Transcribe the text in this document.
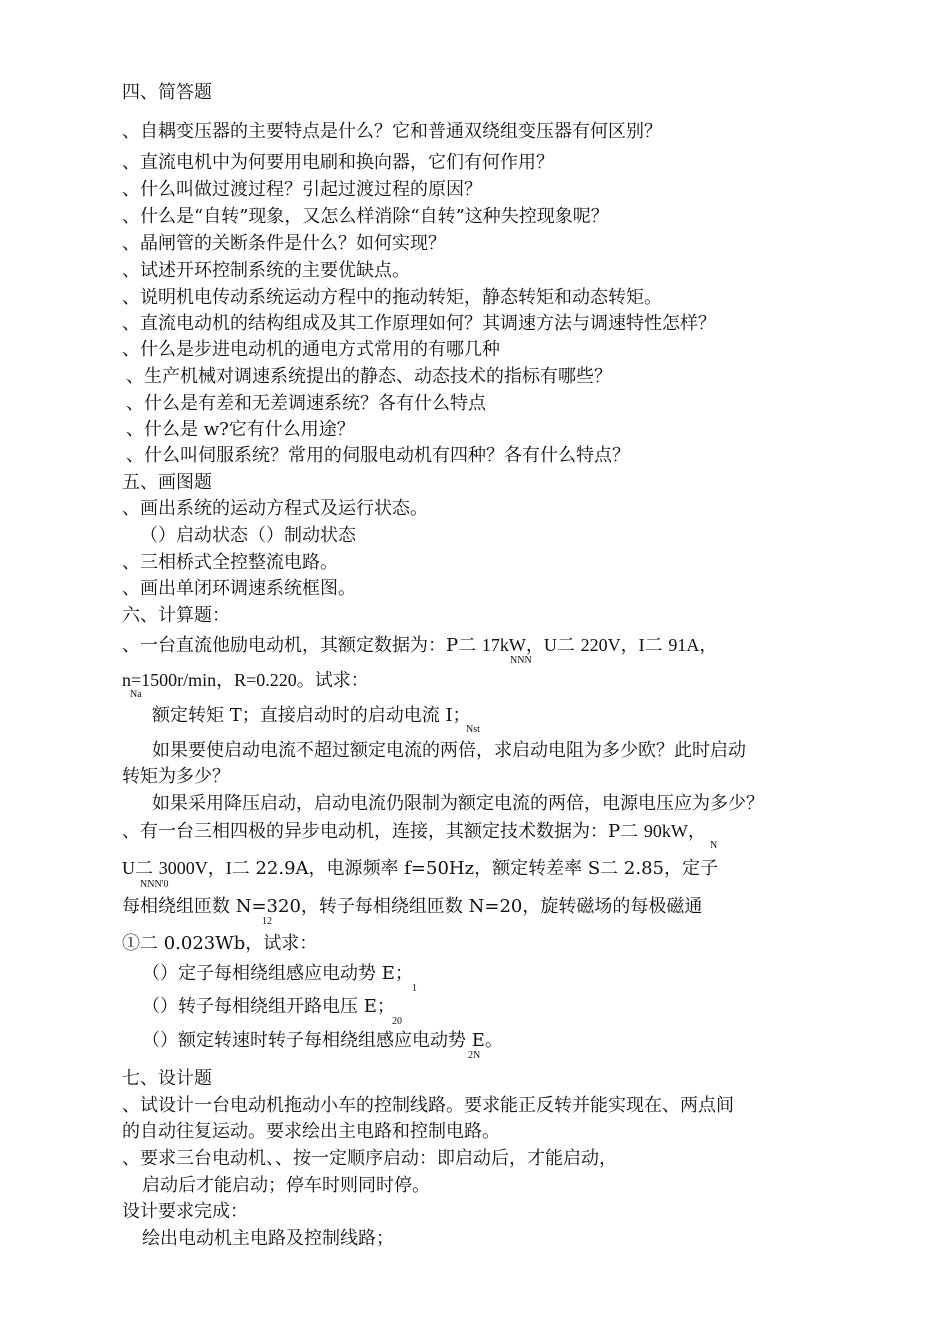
四、简答题
、自耦变压器的主要特点是什么？它和普通双绕组变压器有何区别？
、直流电机中为何要用电刷和换向器，它们有何作用？
、什么叫做过渡过程？引起过渡过程的原因？
、什么是“自转”现象，又怎么样消除“自转”这种失控现象呢？
、晶闸管的关断条件是什么？如何实现？
、试述开环控制系统的主要优缺点。
、说明机电传动系统运动方程中的拖动转矩，静态转矩和动态转矩。
、直流电动机的结构组成及其工作原理如何？其调速方法与调速特性怎样？
、什么是步进电动机的通电方式常用的有哪几种
、生产机械对调速系统提出的静态、动态技术的指标有哪些？
、什么是有差和无差调速系统？各有什么特点
、什么是 w?它有什么用途？
、什么叫伺服系统？常用的伺服电动机有四种？各有什么特点？
五、画图题
、画出系统的运动方程式及运行状态。
（）启动状态（）制动状态
、三相桥式全控整流电路。
、画出单闭环调速系统框图。
六、计算题：
、一台直流他励电动机，其额定数据为：P二 17kW，U二 220V，I二 91A，
NNN
n=1500r/min，R=0.220。试求：
Na
额定转矩 T；直接启动时的启动电流 I；
Nst
如果要使启动电流不超过额定电流的两倍，求启动电阻为多少欧？此时启动
转矩为多少？
如果采用降压启动，启动电流仍限制为额定电流的两倍，电源电压应为多少？
、有一台三相四极的异步电动机，连接，其额定技术数据为：P二 90kW，
N
U二 3000V，I二 22.9A，电源频率 f=50Hz，额定转差率 S二 2.85，定子
NNN'0
每相绕组匝数 N=320，转子每相绕组匝数 N=20，旋转磁场的每极磁通
12
①二 0.023Wb，试求：
（）定子每相绕组感应电动势 E；
1
（）转子每相绕组开路电压 E；
20
（）额定转速时转子每相绕组感应电动势 E。
2N
七、设计题
、试设计一台电动机拖动小车的控制线路。要求能正反转并能实现在、两点间
的自动往复运动。要求绘出主电路和控制电路。
、要求三台电动机、、按一定顺序启动：即启动后，才能启动，
启动后才能启动；停车时则同时停。
设计要求完成：
绘出电动机主电路及控制线路；
